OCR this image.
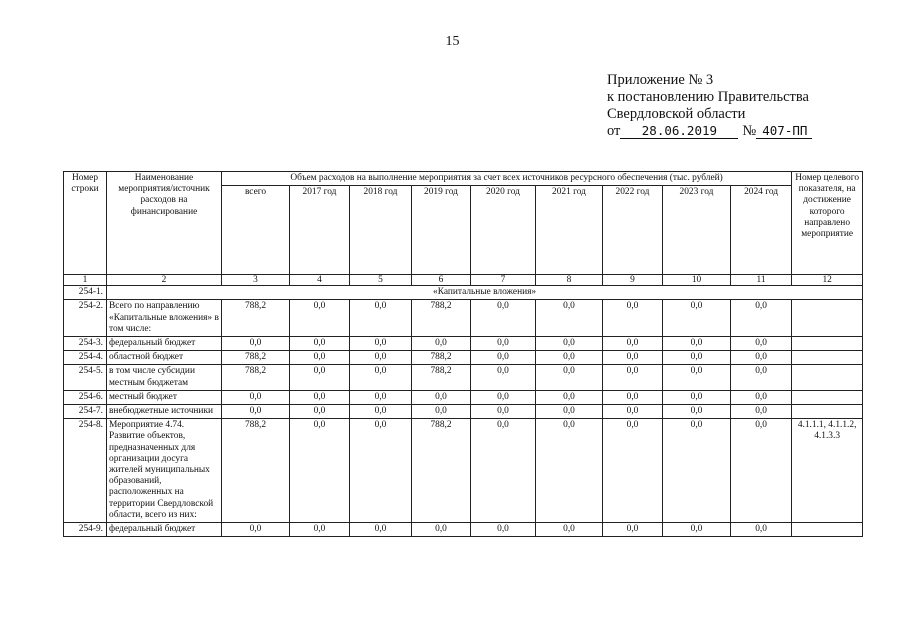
15
Приложение № 3
к постановлению Правительства
Свердловской области
от 28.06.2019 № 407-ПП
Номер строки	Наименование мероприятия/источник расходов на финансирование	Объем расходов на выполнение мероприятия за счет всех источников ресурсного обеспечения (тыс. рублей)									Номер целевого показателя, на достижение которого направлено мероприятие
		всего	2017 год	2018 год	2019 год	2020 год	2021 год	2022 год	2023 год	2024 год	
1	2	3	4	5	6	7	8	9	10	11	12
254-1.	«Капитальные вложения»										
254-2.	Всего по направлению «Капитальные вложения» в том числе:	788,2	0,0	0,0	788,2	0,0	0,0	0,0	0,0	0,0	
254-3.	федеральный бюджет	0,0	0,0	0,0	0,0	0,0	0,0	0,0	0,0	0,0	
254-4.	областной бюджет	788,2	0,0	0,0	788,2	0,0	0,0	0,0	0,0	0,0	
254-5.	в том числе субсидии местным бюджетам	788,2	0,0	0,0	788,2	0,0	0,0	0,0	0,0	0,0	
254-6.	местный бюджет	0,0	0,0	0,0	0,0	0,0	0,0	0,0	0,0	0,0	
254-7.	внебюджетные источники	0,0	0,0	0,0	0,0	0,0	0,0	0,0	0,0	0,0	
254-8.	Мероприятие 4.74. Развитие объектов, предназначенных для организации досуга жителей муниципальных образований, расположенных на территории Свердловской области, всего из них:	788,2	0,0	0,0	788,2	0,0	0,0	0,0	0,0	0,0	4.1.1.1, 4.1.1.2, 4.1.3.3
254-9.	федеральный бюджет	0,0	0,0	0,0	0,0	0,0	0,0	0,0	0,0	0,0	
